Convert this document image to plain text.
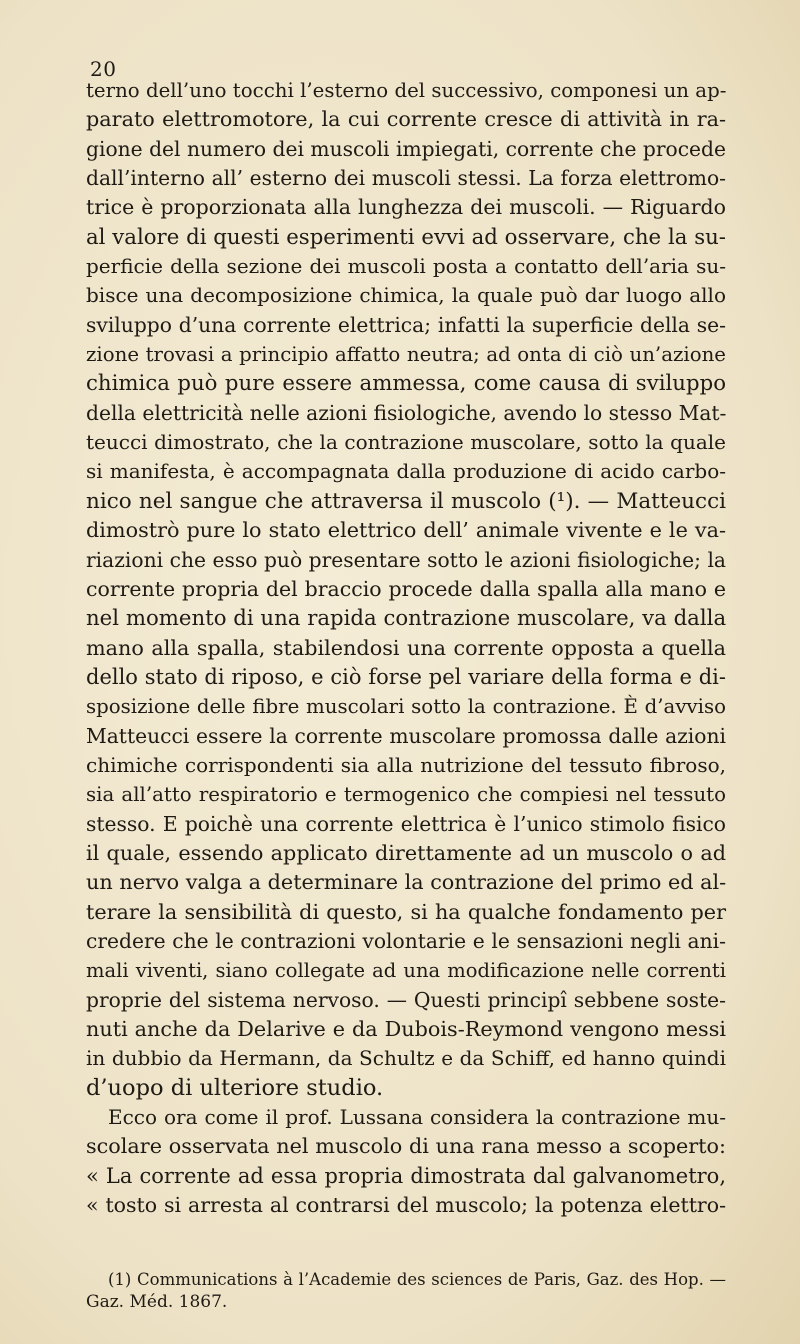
20
terno dell’uno tocchi l’esterno del successivo, componesi un ap-
parato elettromotore, la cui corrente cresce di attività in ra-
gione del numero dei muscoli impiegati, corrente che procede
dall’interno all’ esterno dei muscoli stessi. La forza elettromo-
trice è proporzionata alla lunghezza dei muscoli. — Riguardo
al valore di questi esperimenti evvi ad osservare, che la su-
perficie della sezione dei muscoli posta a contatto dell’aria su-
bisce una decomposizione chimica, la quale può dar luogo allo
sviluppo d’una corrente elettrica; infatti la superficie della se-
zione trovasi a principio affatto neutra; ad onta di ciò un’azione
chimica può pure essere ammessa, come causa di sviluppo
della elettricità nelle azioni fisiologiche, avendo lo stesso Mat-
teucci dimostrato, che la contrazione muscolare, sotto la quale
si manifesta, è accompagnata dalla produzione di acido carbo-
nico nel sangue che attraversa il muscolo (¹). — Matteucci
dimostrò pure lo stato elettrico dell’ animale vivente e le va-
riazioni che esso può presentare sotto le azioni fisiologiche; la
corrente propria del braccio procede dalla spalla alla mano e
nel momento di una rapida contrazione muscolare, va dalla
mano alla spalla, stabilendosi una corrente opposta a quella
dello stato di riposo, e ciò forse pel variare della forma e di-
sposizione delle fibre muscolari sotto la contrazione. È d’avviso
Matteucci essere la corrente muscolare promossa dalle azioni
chimiche corrispondenti sia alla nutrizione del tessuto fibroso,
sia all’atto respiratorio e termogenico che compiesi nel tessuto
stesso. E poichè una corrente elettrica è l’unico stimolo fisico
il quale, essendo applicato direttamente ad un muscolo o ad
un nervo valga a determinare la contrazione del primo ed al-
terare la sensibilità di questo, si ha qualche fondamento per
credere che le contrazioni volontarie e le sensazioni negli ani-
mali viventi, siano collegate ad una modificazione nelle correnti
proprie del sistema nervoso. — Questi principî sebbene soste-
nuti anche da Delarive e da Dubois-Reymond vengono messi
in dubbio da Hermann, da Schultz e da Schiff, ed hanno quindi
d’uopo di ulteriore studio.
Ecco ora come il prof. Lussana considera la contrazione mu-
scolare osservata nel muscolo di una rana messo a scoperto:
« La corrente ad essa propria dimostrata dal galvanometro,
« tosto si arresta al contrarsi del muscolo; la potenza elettro-
(1) Communications à l’Academie des sciences de Paris, Gaz. des Hop. —
Gaz. Méd. 1867.
